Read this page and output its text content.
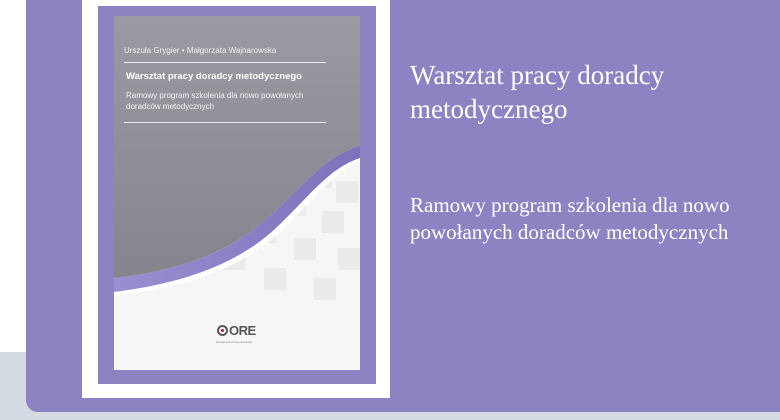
Urszula Grygier • Małgorzata Wajnarowska
Warsztat pracy doradcy metodycznego
Ramowy program szkolenia dla nowo powołanych doradców metodycznych
ORE
Ośrodek Rozwoju Edukacji
Warsztat pracy doradcy metodycznego
Ramowy program szkolenia dla nowo powołanych doradców metodycznych
